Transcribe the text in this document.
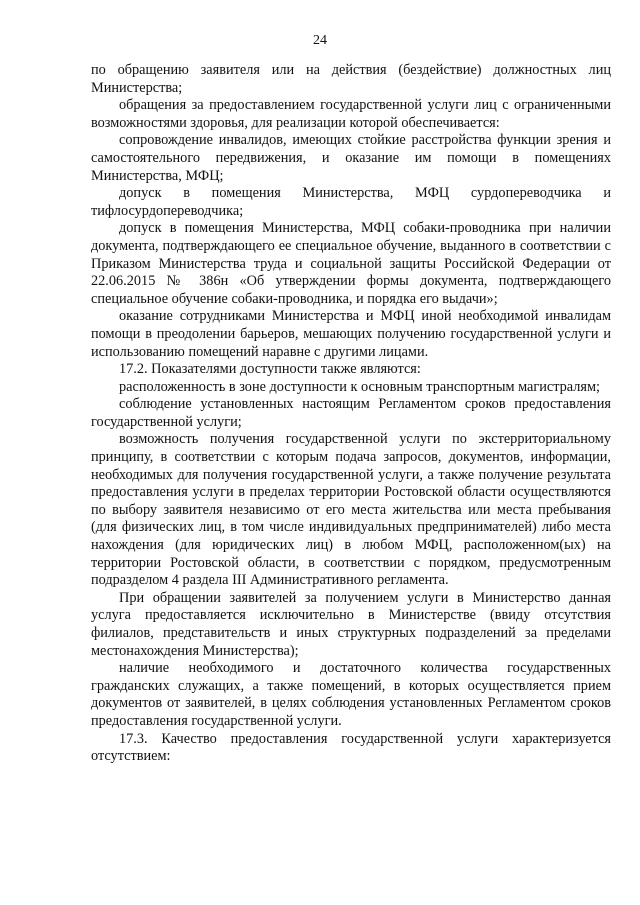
24

по обращению заявителя или на действия (бездействие) должностных лиц Министерства;

обращения за предоставлением государственной услуги лиц с ограниченными возможностями здоровья, для реализации которой обеспечивается:

сопровождение инвалидов, имеющих стойкие расстройства функции зрения и самостоятельного передвижения, и оказание им помощи в помещениях Министерства, МФЦ;

допуск в помещения Министерства, МФЦ сурдопереводчика и тифлосурдопереводчика;

допуск в помещения Министерства, МФЦ собаки-проводника при наличии документа, подтверждающего ее специальное обучение, выданного в соответствии с Приказом Министерства труда и социальной защиты Российской Федерации от 22.06.2015 № 386н «Об утверждении формы документа, подтверждающего специальное обучение собаки-проводника, и порядка его выдачи»;

оказание сотрудниками Министерства и МФЦ иной необходимой инвалидам помощи в преодолении барьеров, мешающих получению государственной услуги и использованию помещений наравне с другими лицами.

17.2. Показателями доступности также являются:

расположенность в зоне доступности к основным транспортным магистралям;

соблюдение установленных настоящим Регламентом сроков предоставления государственной услуги;

возможность получения государственной услуги по экстерриториальному принципу, в соответствии с которым подача запросов, документов, информации, необходимых для получения государственной услуги, а также получение результата предоставления услуги в пределах территории Ростовской области осуществляются по выбору заявителя независимо от его места жительства или места пребывания (для физических лиц, в том числе индивидуальных предпринимателей) либо места нахождения (для юридических лиц) в любом МФЦ, расположенном(ых) на территории Ростовской области, в соответствии с порядком, предусмотренным подразделом 4 раздела III Административного регламента.

При обращении заявителей за получением услуги в Министерство данная услуга предоставляется исключительно в Министерстве (ввиду отсутствия филиалов, представительств и иных структурных подразделений за пределами местонахождения Министерства);

наличие необходимого и достаточного количества государственных гражданских служащих, а также помещений, в которых осуществляется прием документов от заявителей, в целях соблюдения установленных Регламентом сроков предоставления государственной услуги.

17.3. Качество предоставления государственной услуги характеризуется отсутствием:
